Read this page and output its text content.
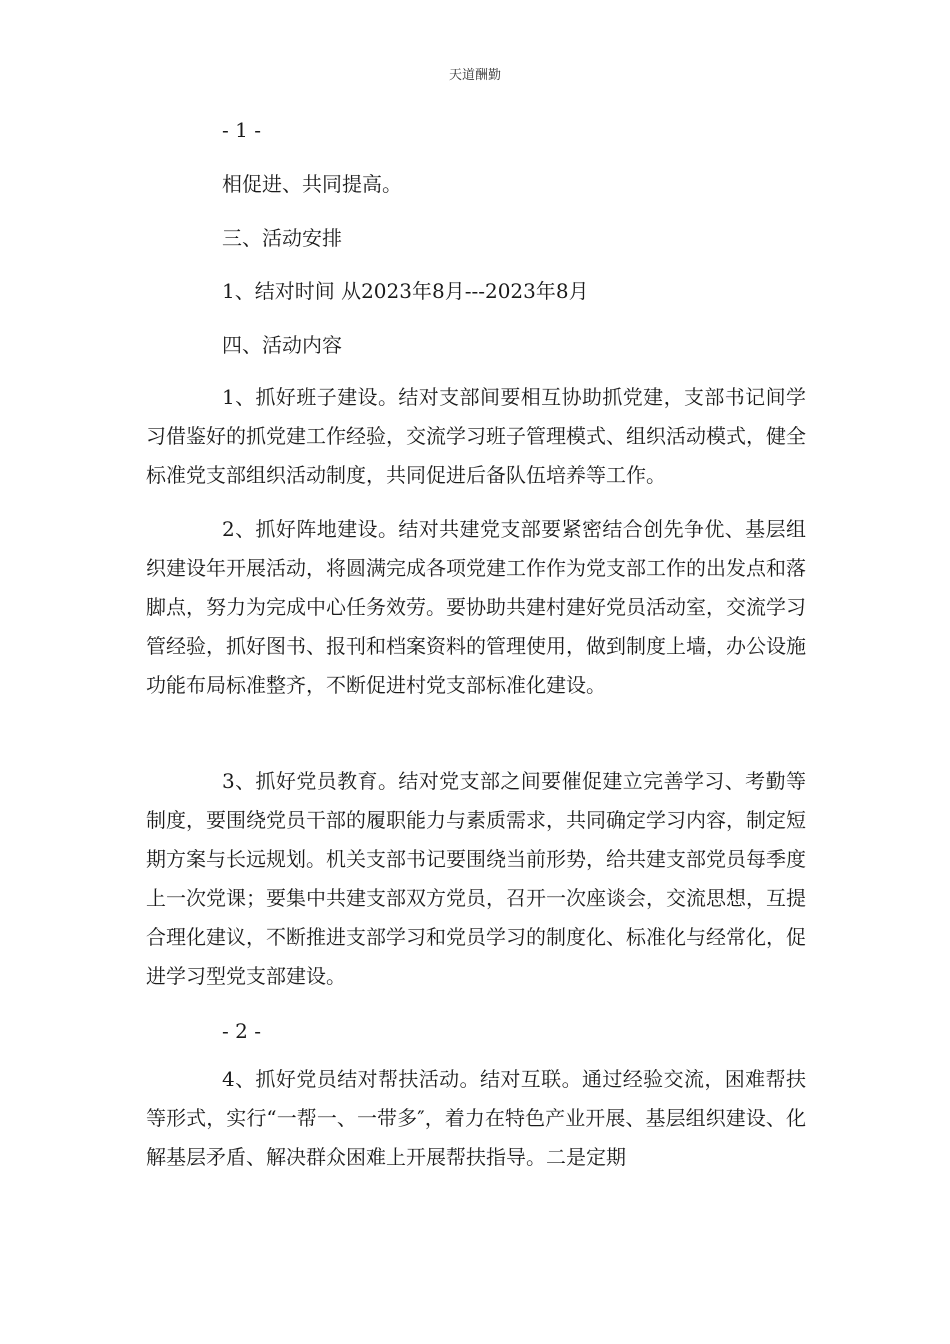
天道酬勤
- 1 -
相促进、共同提高。
三、活动安排
1、结对时间 从2023年8月---2023年8月
四、活动内容
1、抓好班子建设。结对支部间要相互协助抓党建，支部书记间学习借鉴好的抓党建工作经验，交流学习班子管理模式、组织活动模式，健全标准党支部组织活动制度，共同促进后备队伍培养等工作。
2、抓好阵地建设。结对共建党支部要紧密结合创先争优、基层组织建设年开展活动，将圆满完成各项党建工作作为党支部工作的出发点和落脚点，努力为完成中心任务效劳。要协助共建村建好党员活动室，交流学习管经验，抓好图书、报刊和档案资料的管理使用，做到制度上墙，办公设施功能布局标准整齐，不断促进村党支部标准化建设。
3、抓好党员教育。结对党支部之间要催促建立完善学习、考勤等制度，要围绕党员干部的履职能力与素质需求，共同确定学习内容，制定短期方案与长远规划。机关支部书记要围绕当前形势，给共建支部党员每季度上一次党课；要集中共建支部双方党员，召开一次座谈会，交流思想，互提合理化建议，不断推进支部学习和党员学习的制度化、标准化与经常化，促进学习型党支部建设。
- 2 -
4、抓好党员结对帮扶活动。结对互联。通过经验交流，困难帮扶等形式，实行“一帮一、一带多″，着力在特色产业开展、基层组织建设、化解基层矛盾、解决群众困难上开展帮扶指导。二是定期
